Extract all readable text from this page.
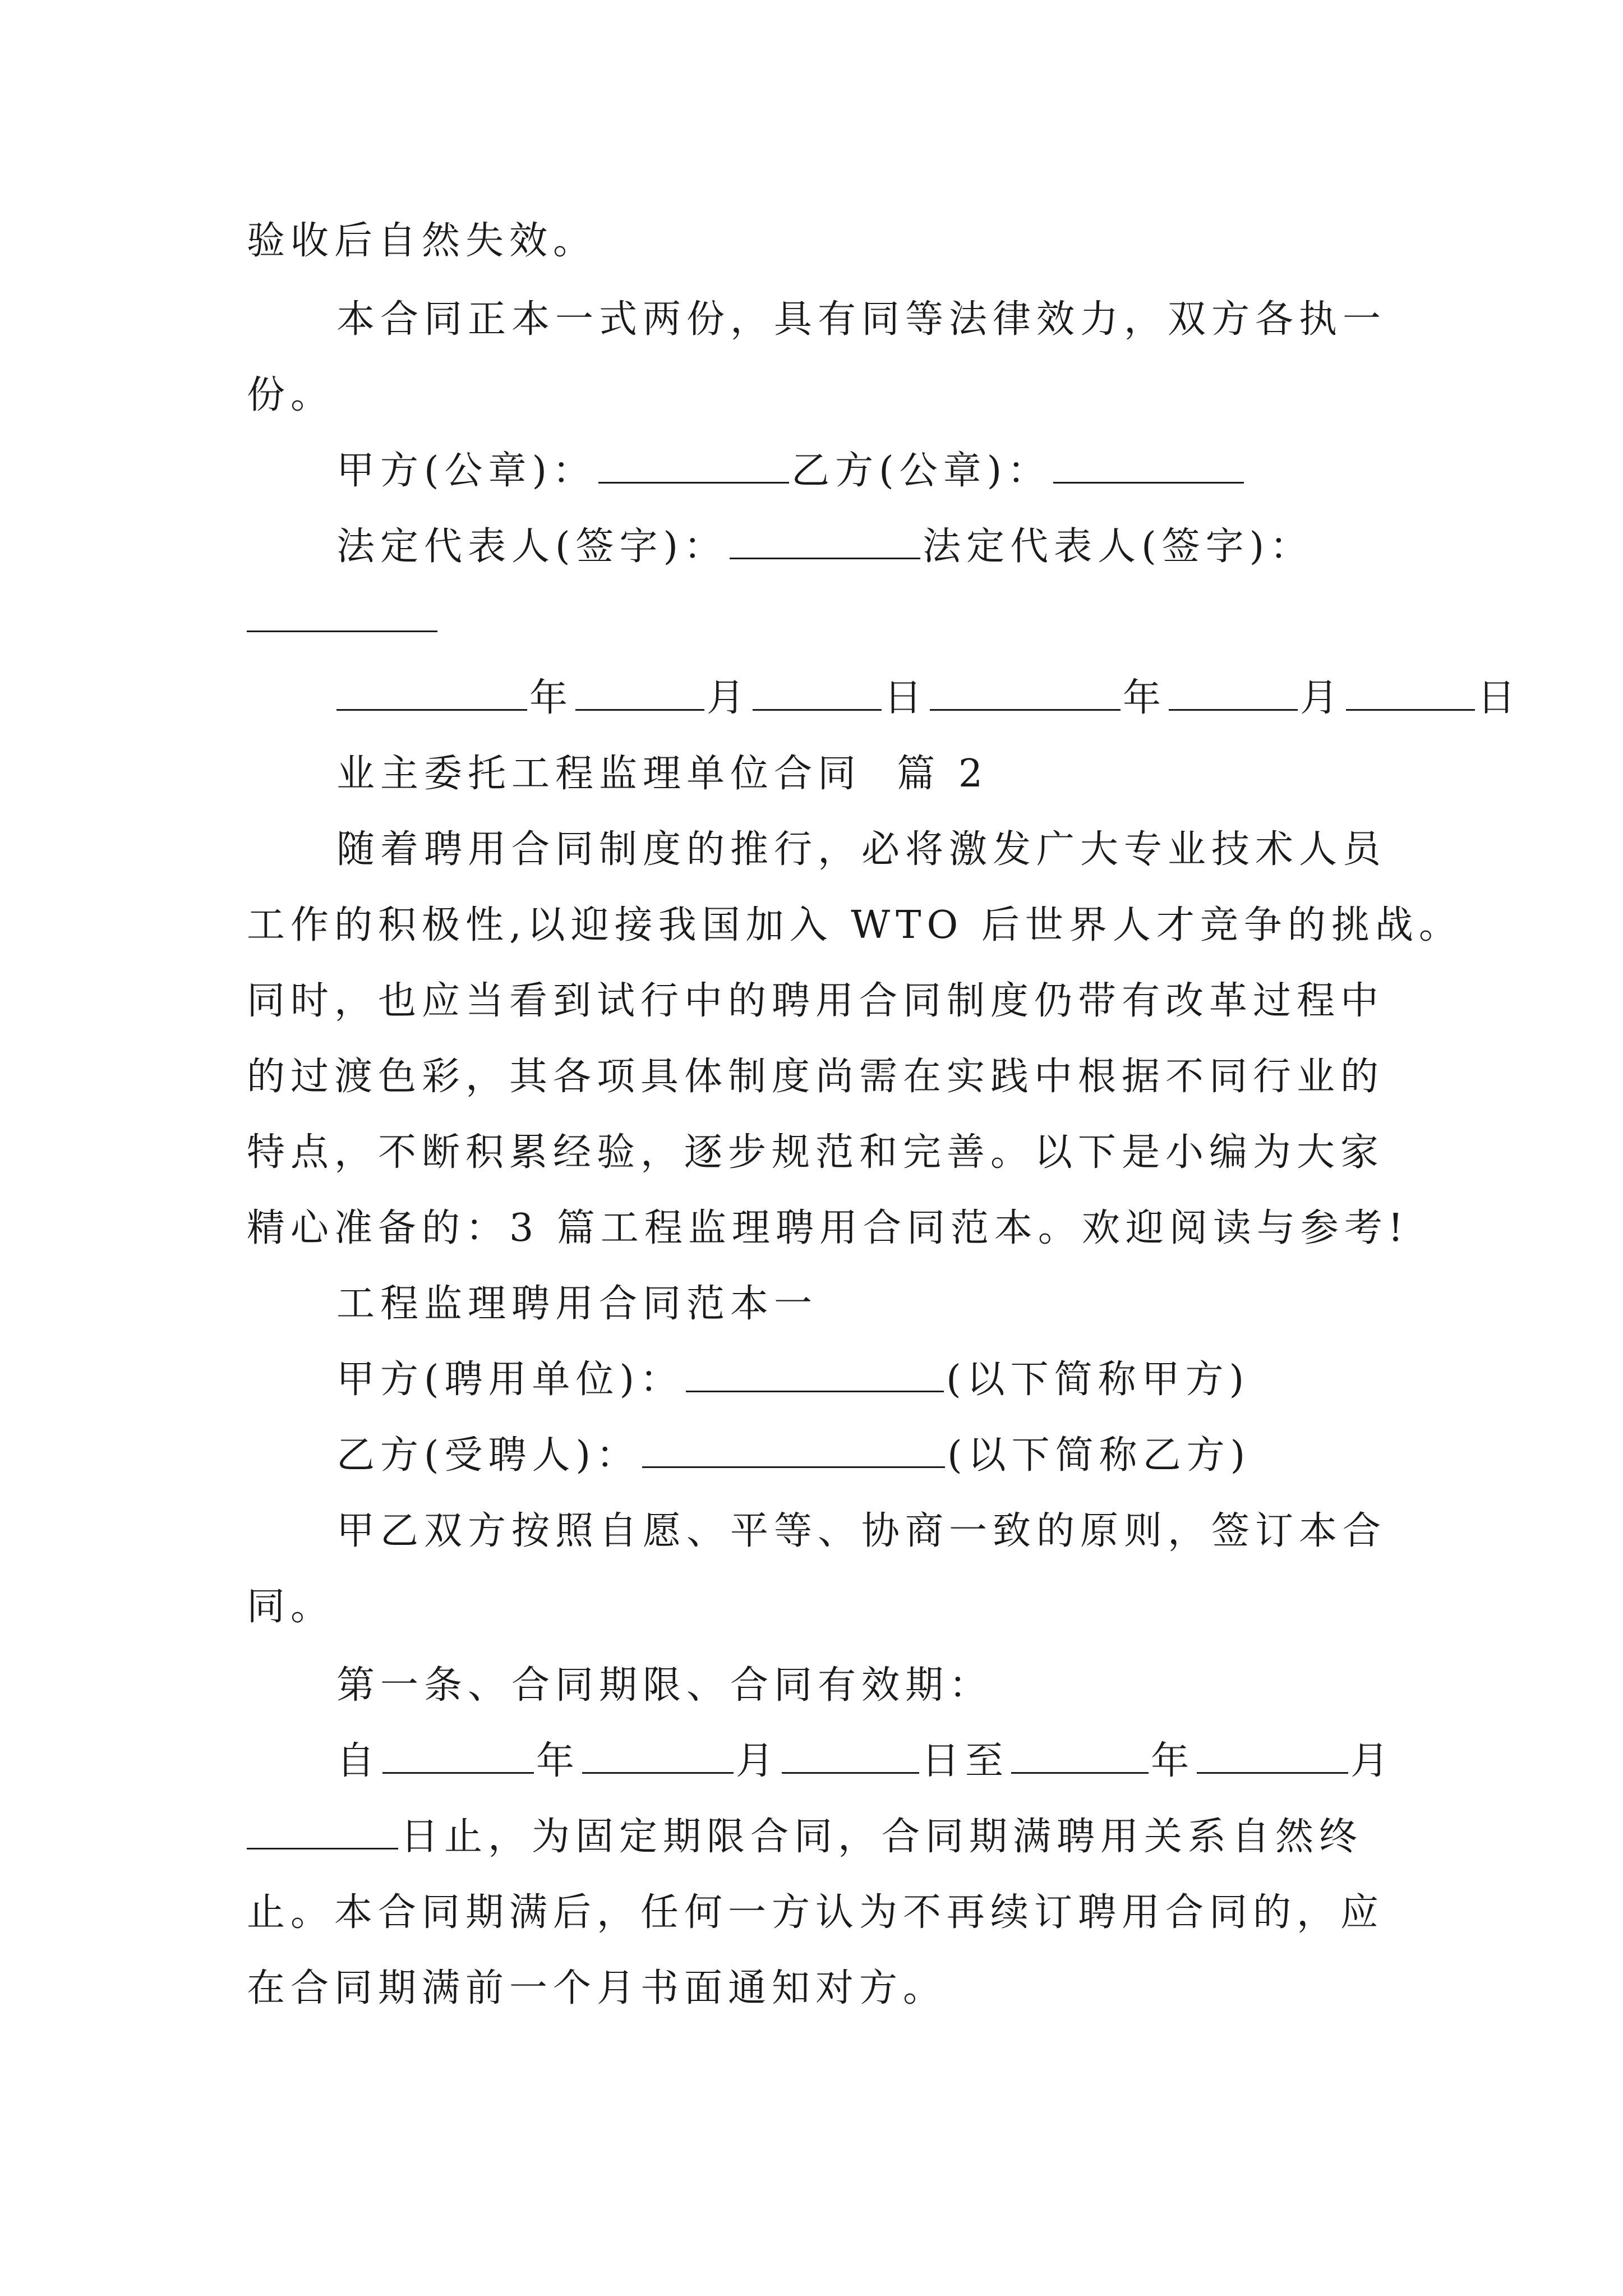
验收后自然失效。
本合同正本一式两份，具有同等法律效力，双方各执一
份。
甲方(公章)：	乙方(公章)：
法定代表人(签字)：	法定代表人(签字)：
年	月	日	年	月	日
业主委托工程监理单位合同  篇 2
随着聘用合同制度的推行，必将激发广大专业技术人员
工作的积极性,以迎接我国加入 WTO 后世界人才竞争的挑战。
同时，也应当看到试行中的聘用合同制度仍带有改革过程中
的过渡色彩，其各项具体制度尚需在实践中根据不同行业的
特点，不断积累经验，逐步规范和完善。以下是小编为大家
精心准备的：3 篇工程监理聘用合同范本。欢迎阅读与参考!
工程监理聘用合同范本一
甲方(聘用单位)：	(以下简称甲方)
乙方(受聘人)：	(以下简称乙方)
甲乙双方按照自愿、平等、协商一致的原则，签订本合
同。
第一条、合同期限、合同有效期：
自	年	月	日至	年	月
日止，为固定期限合同，合同期满聘用关系自然终
止。本合同期满后，任何一方认为不再续订聘用合同的，应
在合同期满前一个月书面通知对方。
